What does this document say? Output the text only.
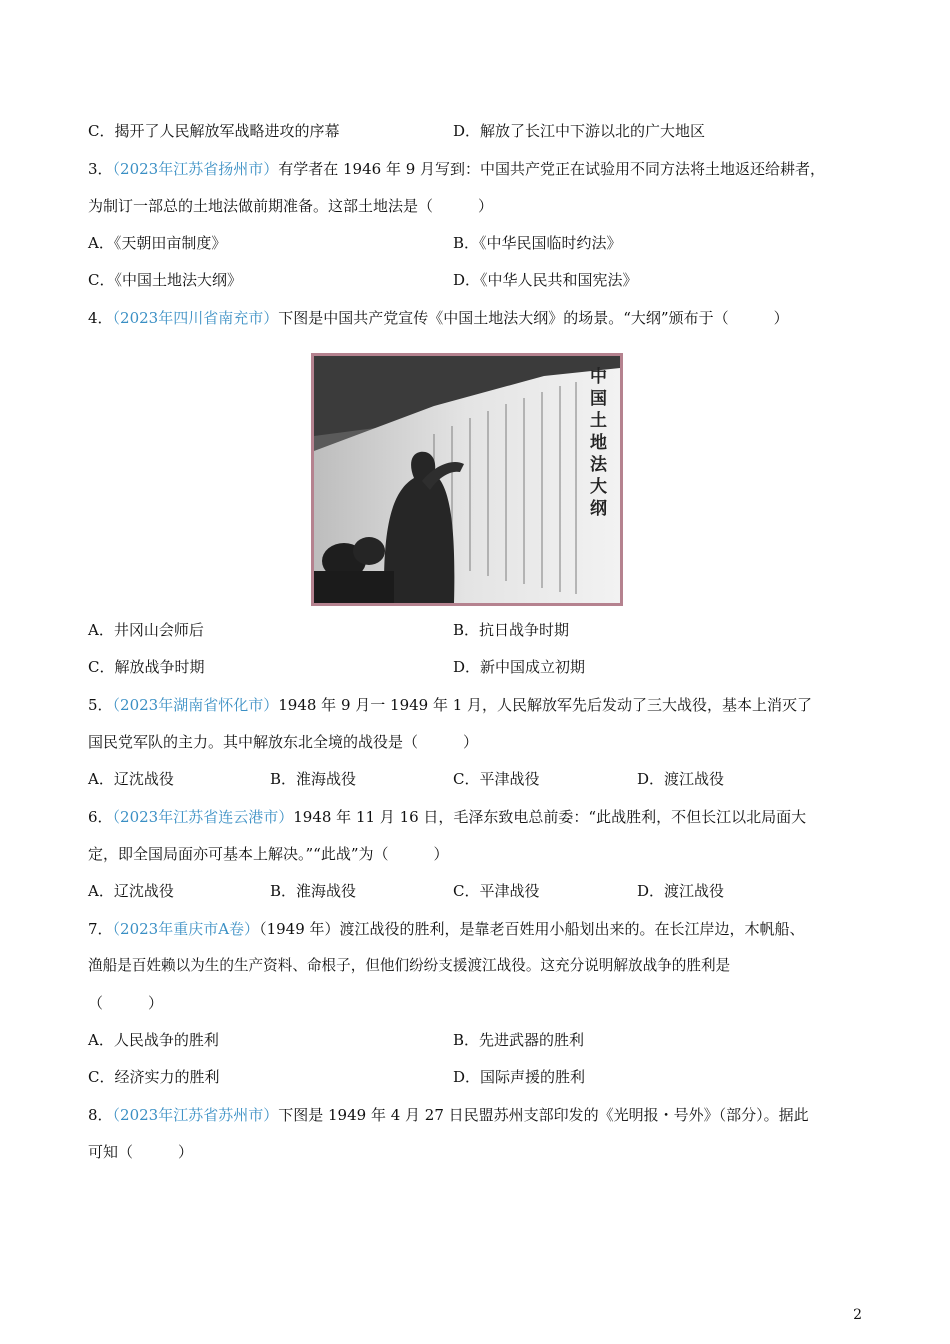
C．揭开了人民解放军战略进攻的序幕	D．解放了长江中下游以北的广大地区
3．（2023年江苏省扬州市）有学者在 1946 年 9 月写到：中国共产党正在试验用不同方法将土地返还给耕者，
为制订一部总的土地法做前期准备。这部土地法是（　　　）
A．《天朝田亩制度》	B．《中华民国临时约法》
C．《中国土地法大纲》	D．《中华人民共和国宪法》
4．（2023年四川省南充市）下图是中国共产党宣传《中国土地法大纲》的场景。“大纲”颁布于（　　　）
中国土地法大纲
A．井冈山会师后	B．抗日战争时期
C．解放战争时期	D．新中国成立初期
5．（2023年湖南省怀化市）1948 年 9 月一 1949 年 1 月，人民解放军先后发动了三大战役，基本上消灭了
国民党军队的主力。其中解放东北全境的战役是（　　　）
A．辽沈战役	B．淮海战役	C．平津战役	D．渡江战役
6．（2023年江苏省连云港市）1948 年 11 月 16 日，毛泽东致电总前委：“此战胜利，不但长江以北局面大
定，即全国局面亦可基本上解决。”“此战”为（　　　）
A．辽沈战役	B．淮海战役	C．平津战役	D．渡江战役
7．（2023年重庆市A卷）（1949 年）渡江战役的胜利，是靠老百姓用小船划出来的。在长江岸边，木帆船、
渔船是百姓赖以为生的生产资料、命根子，但他们纷纷支援渡江战役。这充分说明解放战争的胜利是
（　　　）
A．人民战争的胜利	B．先进武器的胜利
C．经济实力的胜利	D．国际声援的胜利
8．（2023年江苏省苏州市）下图是 1949 年 4 月 27 日民盟苏州支部印发的《光明报・号外》（部分）。据此
可知（　　　）
2
